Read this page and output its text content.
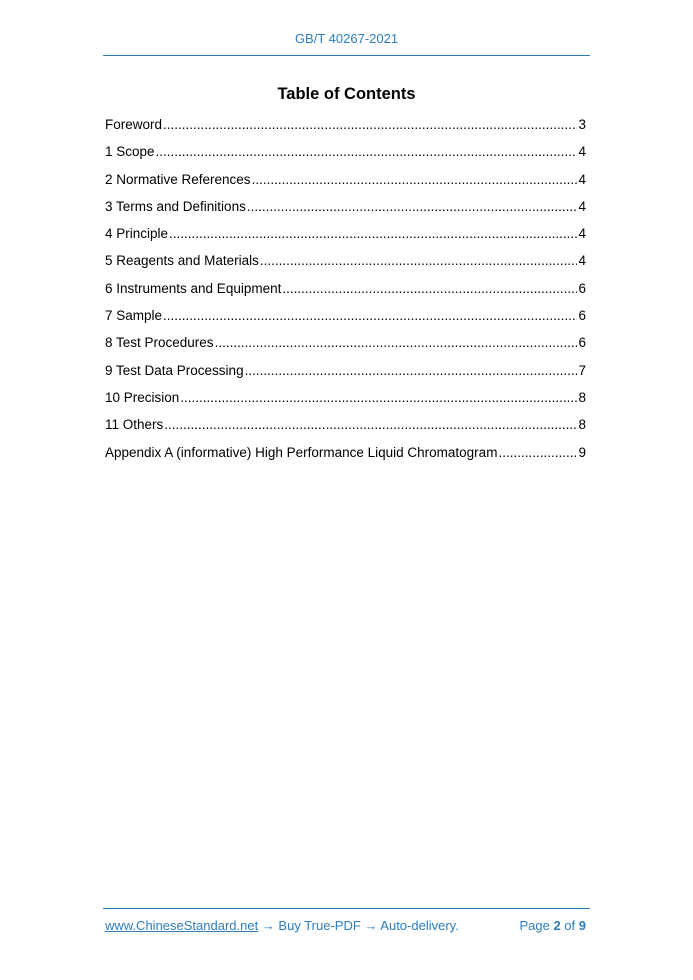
GB/T 40267-2021
Table of Contents
Foreword .....	3
1 Scope .....	4
2 Normative References .....	4
3 Terms and Definitions .....	4
4 Principle .....	4
5 Reagents and Materials .....	4
6 Instruments and Equipment .....	6
7 Sample .....	6
8 Test Procedures .....	6
9 Test Data Processing .....	7
10 Precision .....	8
11 Others .....	8
Appendix A (informative) High Performance Liquid Chromatogram .....	9
www.ChineseStandard.net → Buy True-PDF → Auto-delivery.	Page 2 of 9
